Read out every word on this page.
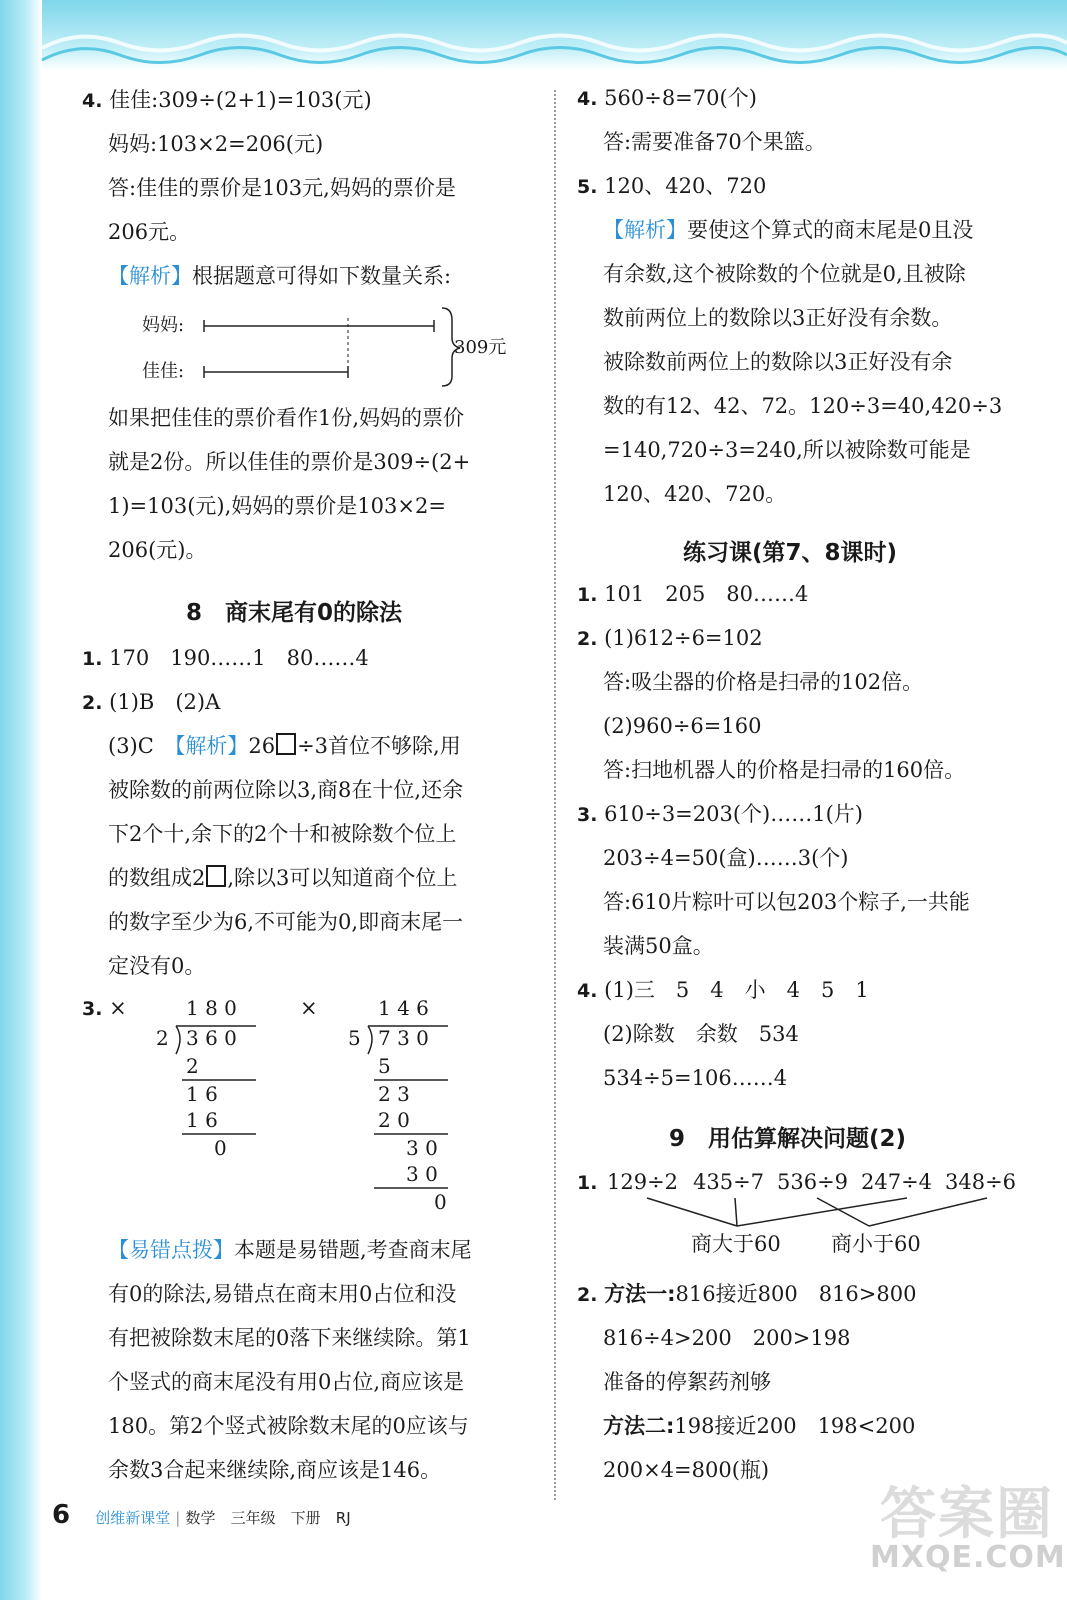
4. 佳佳:309÷(2+1)=103(元)
妈妈:103×2=206(元)
答:佳佳的票价是103元,妈妈的票价是
206元。
【解析】根据题意可得如下数量关系:
妈妈:
佳佳:
309元
如果把佳佳的票价看作1份,妈妈的票价
就是2份。所以佳佳的票价是309÷(2+
1)=103(元),妈妈的票价是103×2=
206(元)。
8　商末尾有0的除法
1. 170　190……1　80……4
2. (1)B　(2)A
(3)C　【解析】26 ÷3首位不够除,用
被除数的前两位除以3,商8在十位,还余
下2个十,余下的2个十和被除数个位上
的数组成2 ,除以3可以知道商个位上
的数字至少为6,不可能为0,即商末尾一
定没有0。
3. ×	×
1 8 0
2 3 6 0
2
1 6
1 6
0
1 4 6
5 7 3 0
5
2 3
2 0
3 0
3 0
0
【易错点拨】本题是易错题,考查商末尾
有0的除法,易错点在商末用0占位和没
有把被除数末尾的0落下来继续除。第1
个竖式的商末尾没有用0占位,商应该是
180。第2个竖式被除数末尾的0应该与
余数3合起来继续除,商应该是146。
4. 560÷8=70(个)
答:需要准备70个果篮。
5. 120、420、720
【解析】要使这个算式的商末尾是0且没
有余数,这个被除数的个位就是0,且被除
数前两位上的数除以3正好没有余数。
被除数前两位上的数除以3正好没有余
数的有12、42、72。120÷3=40,420÷3
=140,720÷3=240,所以被除数可能是
120、420、720。
练习课(第7、8课时)
1. 101　205　80……4
2. (1)612÷6=102
答:吸尘器的价格是扫帚的102倍。
(2)960÷6=160
答:扫地机器人的价格是扫帚的160倍。
3. 610÷3=203(个)……1(片)
203÷4=50(盒)……3(个)
答:610片粽叶可以包203个粽子,一共能
装满50盒。
4. (1)三　5　4　小　4　5　1
(2)除数　余数　534
534÷5=106……4
9　用估算解决问题(2)
1. 129÷2 435÷7 536÷9 247÷4 348÷6
商大于60 商小于60
2. 方法一:816接近800　816>800
816÷4>200　200>198
准备的停絮药剂够
方法二:198接近200　198<200
200×4=800(瓶)
6 创维新课堂 | 数学 三年级 下册 RJ	答案圈
MXQE.COM
